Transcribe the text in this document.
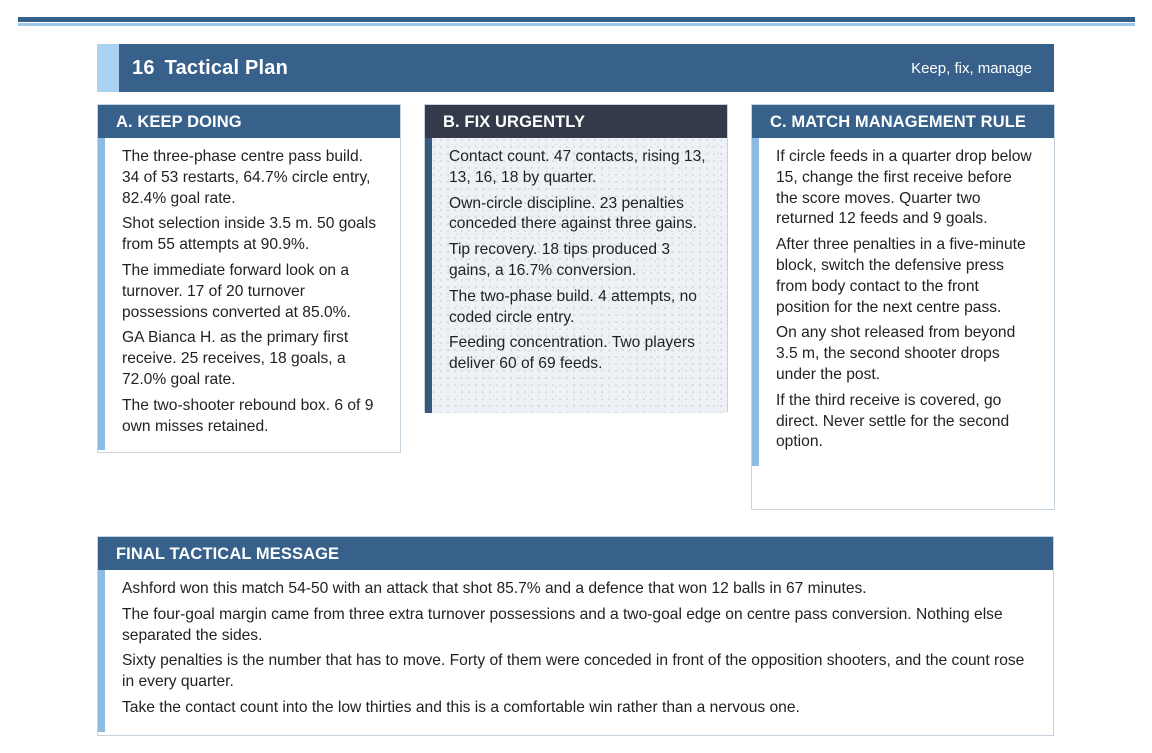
16 Tactical Plan	Keep, fix, manage
A. KEEP DOING

The three-phase centre pass build. 34 of 53 restarts, 64.7% circle entry, 82.4% goal rate.

Shot selection inside 3.5 m. 50 goals from 55 attempts at 90.9%.

The immediate forward look on a turnover. 17 of 20 turnover possessions converted at 85.0%.

GA Bianca H. as the primary first receive. 25 receives, 18 goals, a 72.0% goal rate.

The two-shooter rebound box. 6 of 9 own misses retained.

B. FIX URGENTLY

Contact count. 47 contacts, rising 13, 13, 16, 18 by quarter.

Own-circle discipline. 23 penalties conceded there against three gains.

Tip recovery. 18 tips produced 3 gains, a 16.7% conversion.

The two-phase build. 4 attempts, no coded circle entry.

Feeding concentration. Two players deliver 60 of 69 feeds.

C. MATCH MANAGEMENT RULE

If circle feeds in a quarter drop below 15, change the first receive before the score moves. Quarter two returned 12 feeds and 9 goals.

After three penalties in a five-minute block, switch the defensive press from body contact to the front position for the next centre pass.

On any shot released from beyond 3.5 m, the second shooter drops under the post.

If the third receive is covered, go direct. Never settle for the second option.

FINAL TACTICAL MESSAGE

Ashford won this match 54-50 with an attack that shot 85.7% and a defence that won 12 balls in 67 minutes.

The four-goal margin came from three extra turnover possessions and a two-goal edge on centre pass conversion. Nothing else separated the sides.

Sixty penalties is the number that has to move. Forty of them were conceded in front of the opposition shooters, and the count rose in every quarter.

Take the contact count into the low thirties and this is a comfortable win rather than a nervous one.
